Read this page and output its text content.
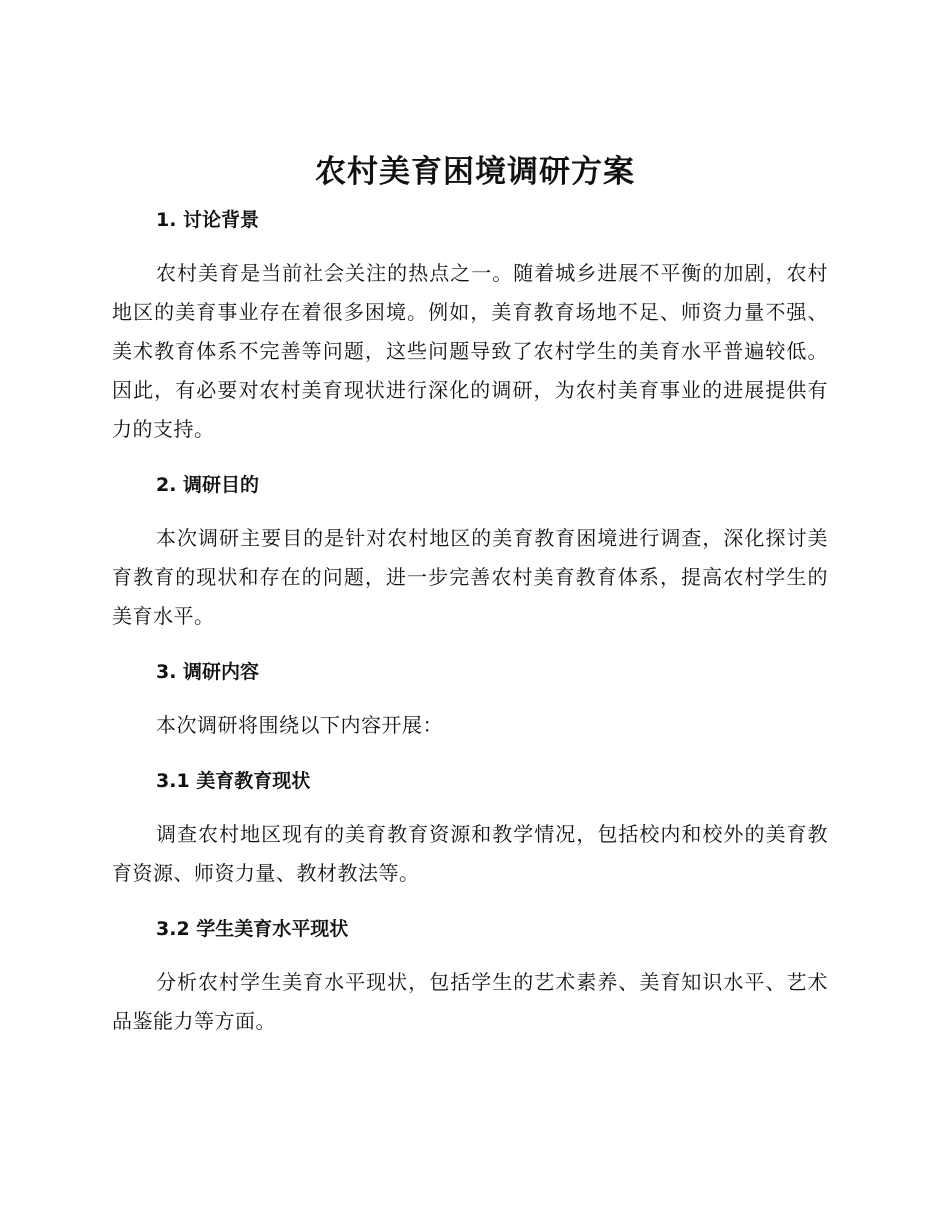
农村美育困境调研方案
1. 讨论背景

农村美育是当前社会关注的热点之一。随着城乡进展不平衡的加剧，农村地区的美育事业存在着很多困境。例如，美育教育场地不足、师资力量不强、美术教育体系不完善等问题，这些问题导致了农村学生的美育水平普遍较低。因此，有必要对农村美育现状进行深化的调研，为农村美育事业的进展提供有力的支持。

2. 调研目的

本次调研主要目的是针对农村地区的美育教育困境进行调查，深化探讨美育教育的现状和存在的问题，进一步完善农村美育教育体系，提高农村学生的美育水平。

3. 调研内容

本次调研将围绕以下内容开展：

3.1 美育教育现状

调查农村地区现有的美育教育资源和教学情况，包括校内和校外的美育教育资源、师资力量、教材教法等。

3.2 学生美育水平现状

分析农村学生美育水平现状，包括学生的艺术素养、美育知识水平、艺术品鉴能力等方面。
